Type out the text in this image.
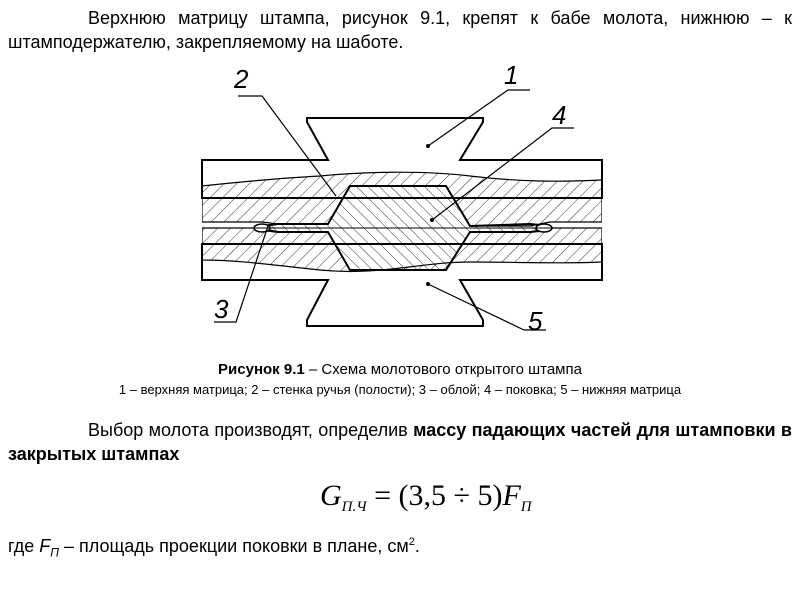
Верхнюю матрицу штампа, рисунок 9.1, крепят к бабе молота, нижнюю – к штамподержателю, закрепляемому на шаботе.
1
2
3
4
5
Рисунок 9.1 – Схема молотового открытого штампа
1 – верхняя матрица; 2 – стенка ручья (полости); 3 – облой; 4 – поковка; 5 – нижняя матрица
Выбор молота производят, определив массу падающих частей для штамповки в закрытых штампах
$G_{П.Ч} = (3,5 \div 5)F_П$
где $F_П$ – площадь проекции поковки в плане, $см^2$.
